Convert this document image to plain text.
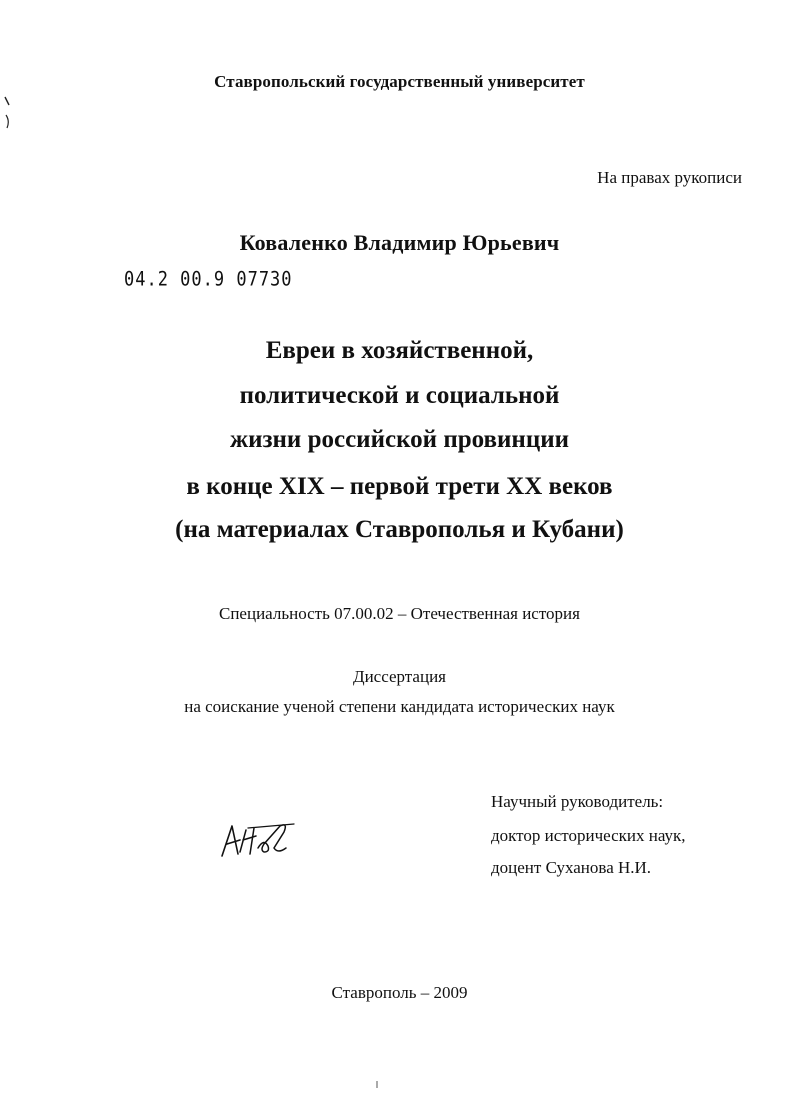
Ставропольский государственный университет
На правах рукописи
Коваленко Владимир Юрьевич
04.2 00.9 07730
Евреи в хозяйственной,
политической и социальной
жизни российской провинции
в конце XIX – первой трети XX веков
(на материалах Ставрополья и Кубани)
Специальность 07.00.02 – Отечественная история
Диссертация
на соискание ученой степени кандидата исторических наук
Научный руководитель:
доктор исторических наук,
доцент Суханова Н.И.
Ставрополь – 2009
